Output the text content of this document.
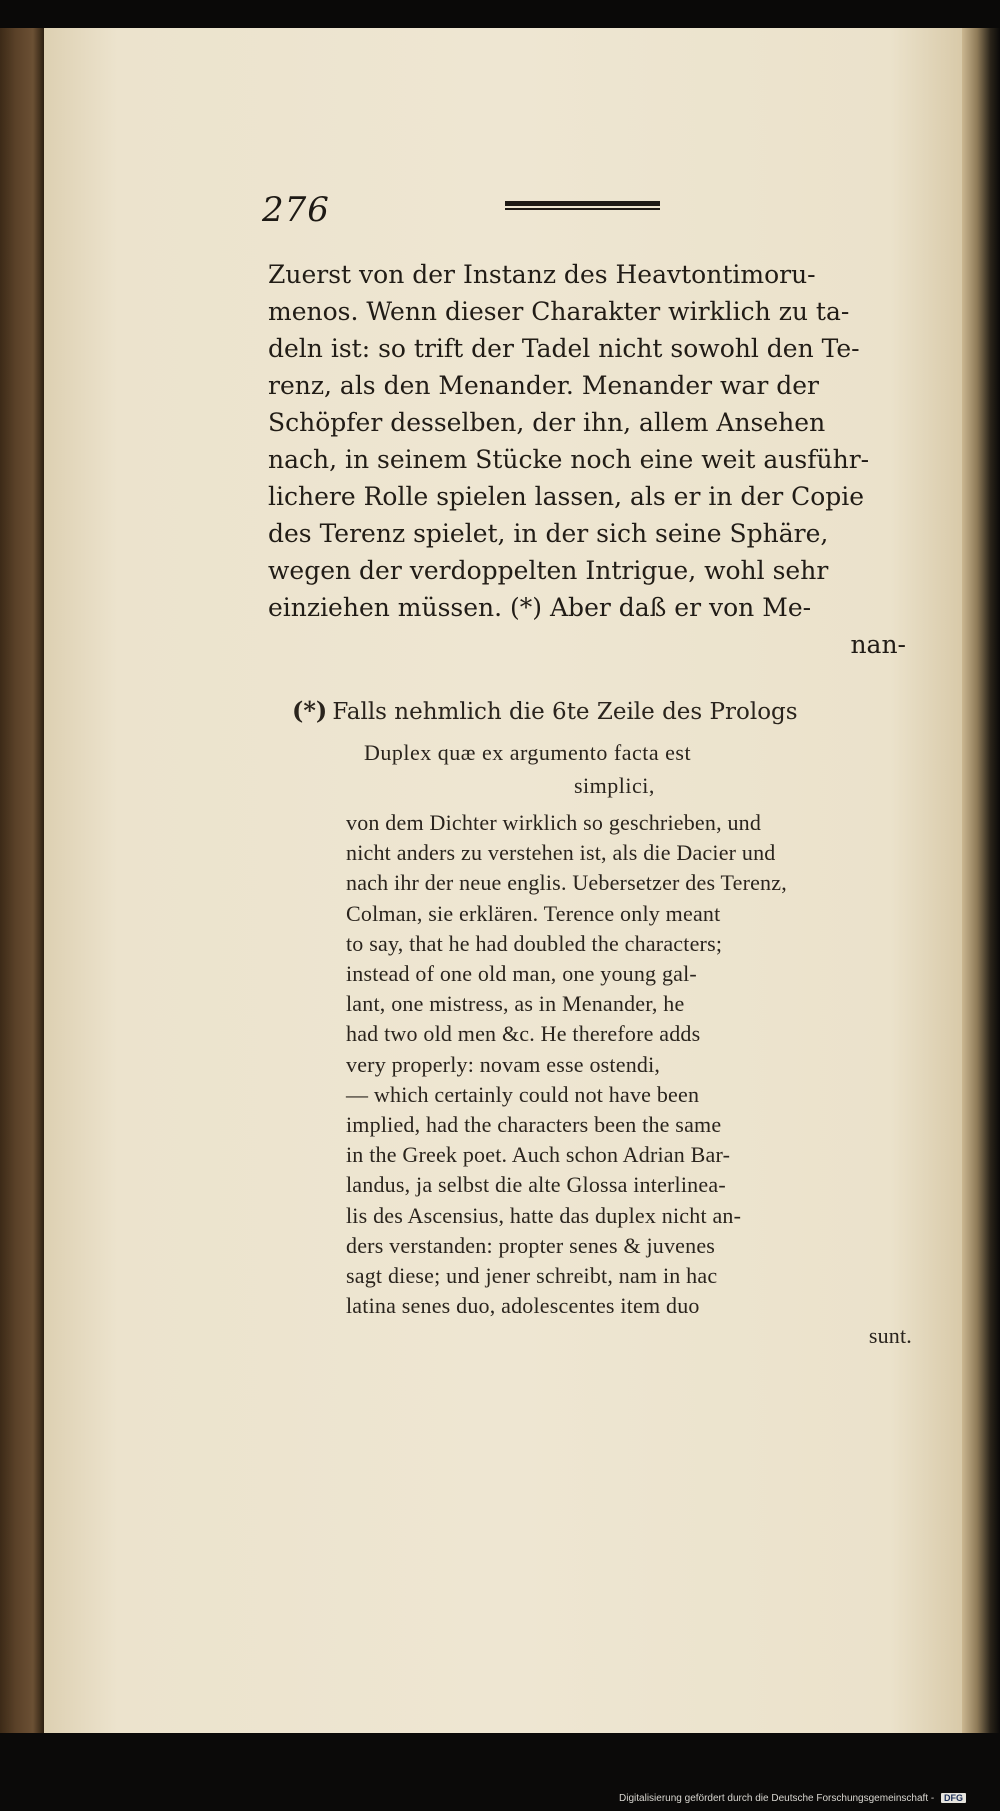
276
Zuerst von der Instanz des Heavtontimoru-
menos. Wenn dieser Charakter wirklich zu ta-
deln ist: so trift der Tadel nicht sowohl den Te-
renz, als den Menander. Menander war der
Schöpfer desselben, der ihn, allem Ansehen
nach, in seinem Stücke noch eine weit ausführ-
lichere Rolle spielen lassen, als er in der Copie
des Terenz spielet, in der sich seine Sphäre,
wegen der verdoppelten Intrigue, wohl sehr
einziehen müssen. (*) Aber daß er von Me-
nan-
(*) Falls nehmlich die 6te Zeile des Prologs
Duplex quæ ex argumento facta est
simplici,
von dem Dichter wirklich so geschrieben, und
nicht anders zu verstehen ist, als die Dacier und
nach ihr der neue englis. Uebersetzer des Terenz,
Colman, sie erklären. Terence only meant
to say, that he had doubled the characters;
instead of one old man, one young gal-
lant, one mistress, as in Menander, he
had two old men &c. He therefore adds
very properly: novam esse ostendi,
— which certainly could not have been
implied, had the characters been the same
in the Greek poet. Auch schon Adrian Bar-
landus, ja selbst die alte Glossa interlinea-
lis des Ascensius, hatte das duplex nicht an-
ders verstanden: propter senes & juvenes
sagt diese; und jener schreibt, nam in hac
latina senes duo, adolescentes item duo
sunt.
Digitalisierung gefördert durch die Deutsche Forschungsgemeinschaft - DFG
